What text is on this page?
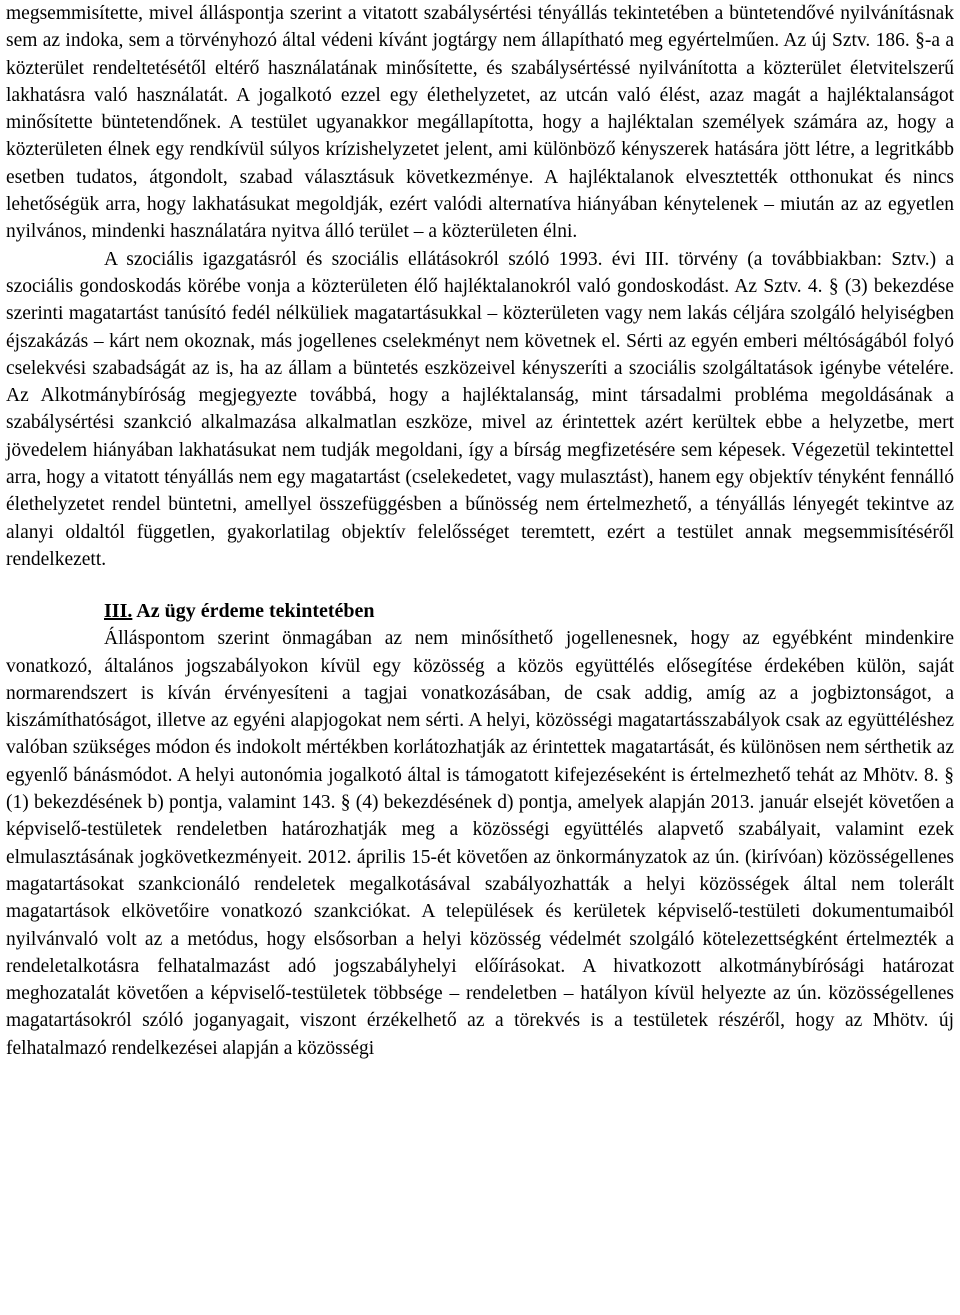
megsemmisítette, mivel álláspontja szerint a vitatott szabálysértési tényállás tekintetében a büntetendővé nyilvánításnak sem az indoka, sem a törvényhozó által védeni kívánt jogtárgy nem állapítható meg egyértelműen. Az új Sztv. 186. §-a a közterület rendeltetésétől eltérő használatának minősítette, és szabálysértéssé nyilvánította a közterület életvitelszerű lakhatásra való használatát. A jogalkotó ezzel egy élethelyzetet, az utcán való élést, azaz magát a hajléktalanságot minősítette büntetendőnek. A testület ugyanakkor megállapította, hogy a hajléktalan személyek számára az, hogy a közterületen élnek egy rendkívül súlyos krízishelyzetet jelent, ami különböző kényszerek hatására jött létre, a legritkább esetben tudatos, átgondolt, szabad választásuk következménye. A hajléktalanok elvesztették otthonukat és nincs lehetőségük arra, hogy lakhatásukat megoldják, ezért valódi alternatíva hiányában kénytelenek – miután az az egyetlen nyilvános, mindenki használatára nyitva álló terület – a közterületen élni.

A szociális igazgatásról és szociális ellátásokról szóló 1993. évi III. törvény (a továbbiakban: Sztv.) a szociális gondoskodás körébe vonja a közterületen élő hajléktalanokról való gondoskodást. Az Sztv. 4. § (3) bekezdése szerinti magatartást tanúsító fedél nélküliek magatartásukkal – közterületen vagy nem lakás céljára szolgáló helyiségben éjszakázás – kárt nem okoznak, más jogellenes cselekményt nem követnek el. Sérti az egyén emberi méltóságából folyó cselekvési szabadságát az is, ha az állam a büntetés eszközeivel kényszeríti a szociális szolgáltatások igénybe vételére. Az Alkotmánybíróság megjegyezte továbbá, hogy a hajléktalanság, mint társadalmi probléma megoldásának a szabálysértési szankció alkalmazása alkalmatlan eszköze, mivel az érintettek azért kerültek ebbe a helyzetbe, mert jövedelem hiányában lakhatásukat nem tudják megoldani, így a bírság megfizetésére sem képesek. Végezetül tekintettel arra, hogy a vitatott tényállás nem egy magatartást (cselekedetet, vagy mulasztást), hanem egy objektív tényként fennálló élethelyzetet rendel büntetni, amellyel összefüggésben a bűnösség nem értelmezhető, a tényállás lényegét tekintve az alanyi oldaltól független, gyakorlatilag objektív felelősséget teremtett, ezért a testület annak megsemmisítéséről rendelkezett.

III. Az ügy érdeme tekintetében

Álláspontom szerint önmagában az nem minősíthető jogellenesnek, hogy az egyébként mindenkire vonatkozó, általános jogszabályokon kívül egy közösség a közös együttélés elősegítése érdekében külön, saját normarendszert is kíván érvényesíteni a tagjai vonatkozásában, de csak addig, amíg az a jogbiztonságot, a kiszámíthatóságot, illetve az egyéni alapjogokat nem sérti. A helyi, közösségi magatartásszabályok csak az együttéléshez valóban szükséges módon és indokolt mértékben korlátozhatják az érintettek magatartását, és különösen nem sérthetik az egyenlő bánásmódot. A helyi autonómia jogalkotó által is támogatott kifejezéseként is értelmezhető tehát az Mhötv. 8. § (1) bekezdésének b) pontja, valamint 143. § (4) bekezdésének d) pontja, amelyek alapján 2013. január elsejét követően a képviselő-testületek rendeletben határozhatják meg a közösségi együttélés alapvető szabályait, valamint ezek elmulasztásának jogkövetkezményeit. 2012. április 15-ét követően az önkormányzatok az ún. (kirívóan) közösségellenes magatartásokat szankcionáló rendeletek megalkotásával szabályozhatták a helyi közösségek által nem tolerált magatartások elkövetőire vonatkozó szankciókat. A települések és kerületek képviselő-testületi dokumentumaiból nyilvánvaló volt az a metódus, hogy elsősorban a helyi közösség védelmét szolgáló kötelezettségként értelmezték a rendeletalkotásra felhatalmazást adó jogszabályhelyi előírásokat. A hivatkozott alkotmánybírósági határozat meghozatalát követően a képviselő-testületek többsége – rendeletben – hatályon kívül helyezte az ún. közösségellenes magatartásokról szóló joganyagait, viszont érzékelhető az a törekvés is a testületek részéről, hogy az Mhötv. új felhatalmazó rendelkezései alapján a közösségi
